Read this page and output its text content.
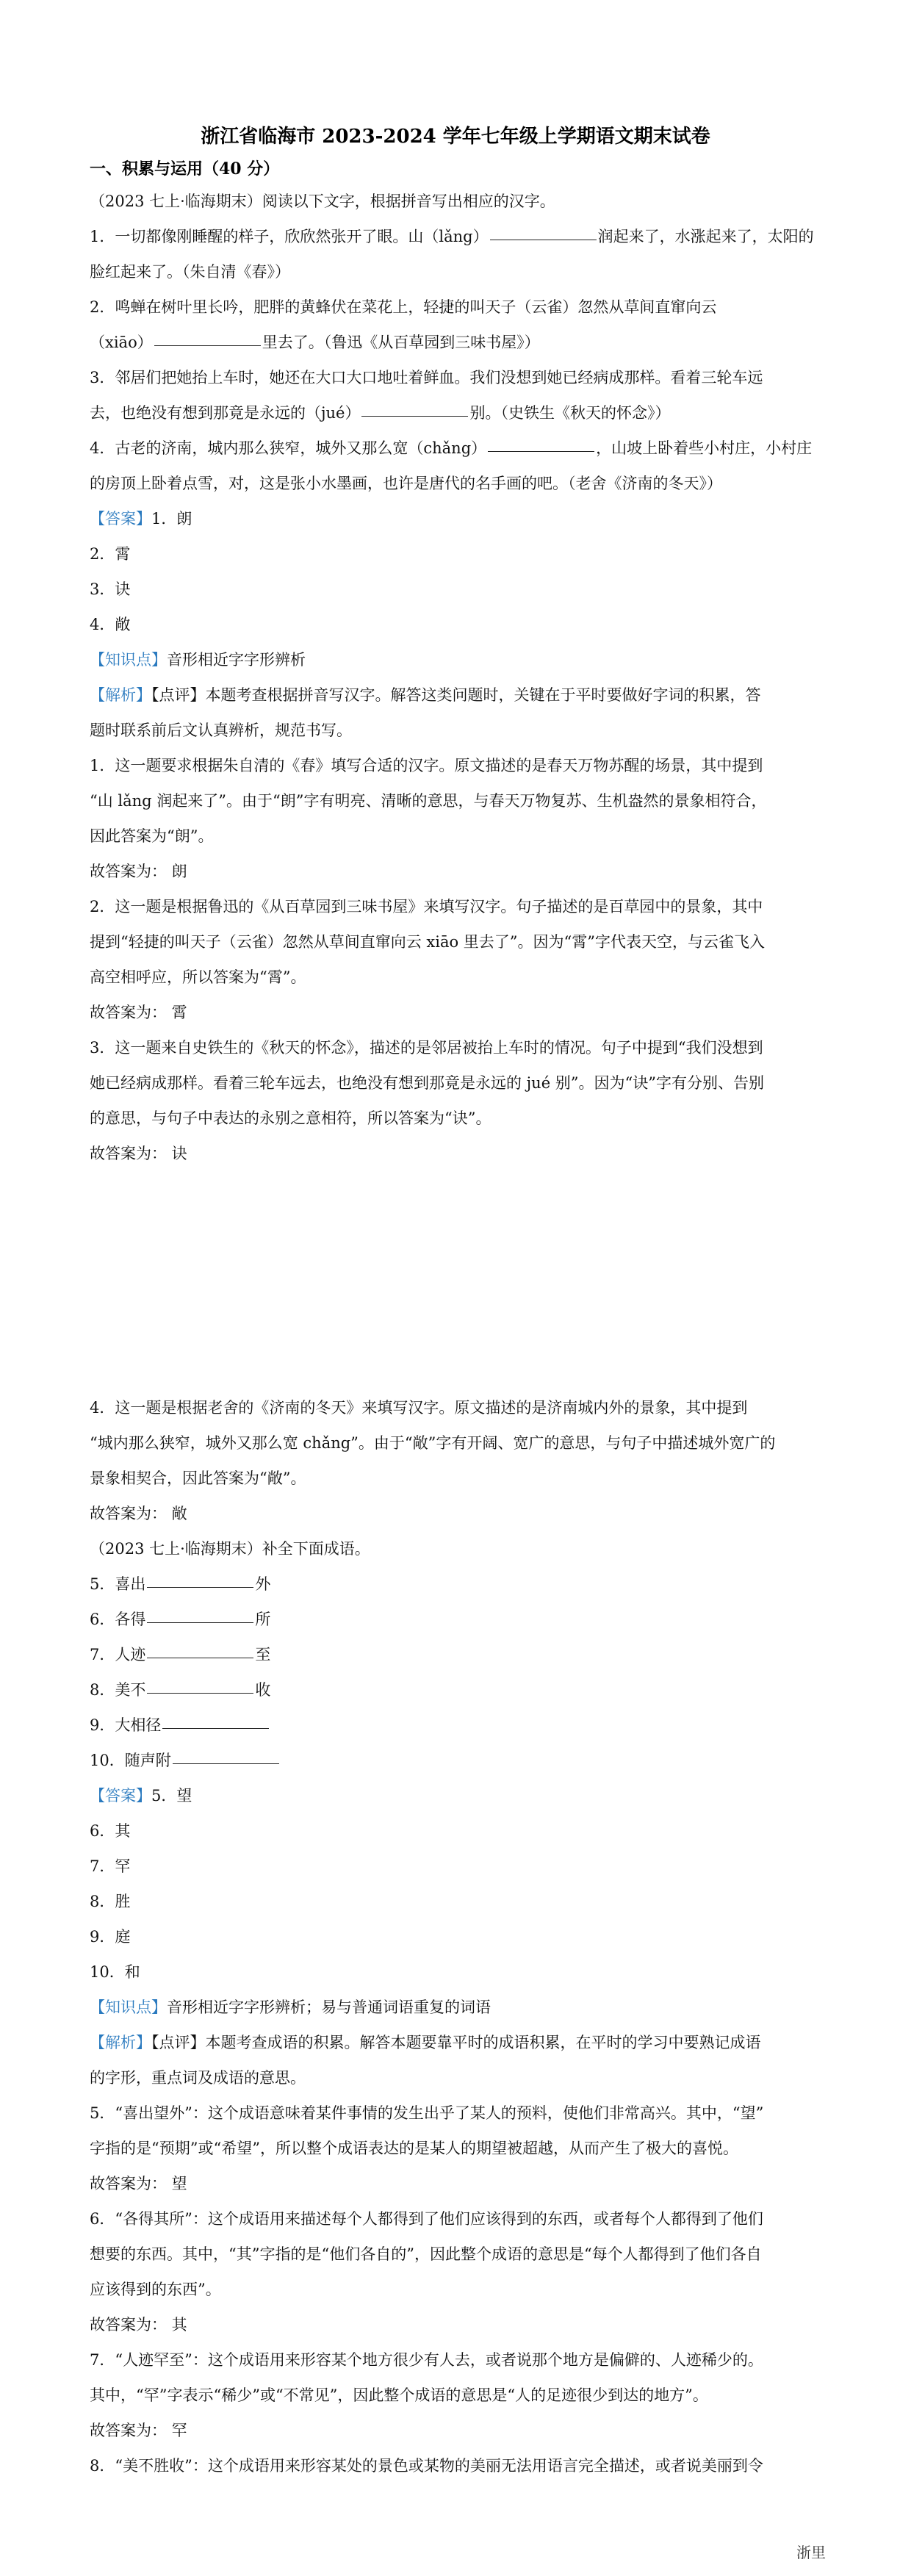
浙江省临海市 2023-2024 学年七年级上学期语文期末试卷
一、积累与运用（40 分）

（2023 七上·临海期末）阅读以下文字，根据拼音写出相应的汉字。

1．一切都像刚睡醒的样子，欣欣然张开了眼。山（lǎng）	润起来了，水涨起来了，太阳的

脸红起来了。（朱自清《春》）

2．鸣蝉在树叶里长吟，肥胖的黄蜂伏在菜花上，轻捷的叫天子（云雀）忽然从草间直窜向云

（xiāo）	里去了。（鲁迅《从百草园到三味书屋》）

3．邻居们把她抬上车时，她还在大口大口地吐着鲜血。我们没想到她已经病成那样。看着三轮车远

去，也绝没有想到那竟是永远的（jué）	别。（史铁生《秋天的怀念》）

4．古老的济南，城内那么狭窄，城外又那么宽（chǎng）	，山坡上卧着些小村庄，小村庄

的房顶上卧着点雪，对，这是张小水墨画，也许是唐代的名手画的吧。（老舍《济南的冬天》）

【答案】1．朗

2．霄

3．诀

4．敞

【知识点】音形相近字字形辨析

【解析】【点评】本题考查根据拼音写汉字。解答这类问题时，关键在于平时要做好字词的积累，答

题时联系前后文认真辨析，规范书写。

1．这一题要求根据朱自清的《春》填写合适的汉字。原文描述的是春天万物苏醒的场景，其中提到

“山 lǎng 润起来了”。由于“朗”字有明亮、清晰的意思，与春天万物复苏、生机盎然的景象相符合，

因此答案为“朗”。

故答案为： 朗

2．这一题是根据鲁迅的《从百草园到三味书屋》来填写汉字。句子描述的是百草园中的景象，其中

提到“轻捷的叫天子（云雀）忽然从草间直窜向云 xiāo 里去了”。因为“霄”字代表天空，与云雀飞入

高空相呼应，所以答案为“霄”。

故答案为： 霄

3．这一题来自史铁生的《秋天的怀念》，描述的是邻居被抬上车时的情况。句子中提到“我们没想到

她已经病成那样。看着三轮车远去，也绝没有想到那竟是永远的 jué 别”。因为“诀”字有分别、告别

的意思，与句子中表达的永别之意相符，所以答案为“诀”。

故答案为： 诀

4．这一题是根据老舍的《济南的冬天》来填写汉字。原文描述的是济南城内外的景象，其中提到

“城内那么狭窄，城外又那么宽 chǎng”。由于“敞”字有开阔、宽广的意思，与句子中描述城外宽广的

景象相契合，因此答案为“敞”。

故答案为： 敞

（2023 七上·临海期末）补全下面成语。

5．喜出	外

6．各得	所

7．人迹	至

8．美不	收

9．大相径

10．随声附

【答案】5．望

6．其

7．罕

8．胜

9．庭

10．和

【知识点】音形相近字字形辨析；易与普通词语重复的词语

【解析】【点评】本题考查成语的积累。解答本题要靠平时的成语积累，在平时的学习中要熟记成语

的字形，重点词及成语的意思。

5．“喜出望外”：这个成语意味着某件事情的发生出乎了某人的预料，使他们非常高兴。其中，“望”

字指的是“预期”或“希望”，所以整个成语表达的是某人的期望被超越，从而产生了极大的喜悦。

故答案为： 望

6．“各得其所”：这个成语用来描述每个人都得到了他们应该得到的东西，或者每个人都得到了他们

想要的东西。其中，“其”字指的是“他们各自的”，因此整个成语的意思是“每个人都得到了他们各自

应该得到的东西”。

故答案为： 其

7．“人迹罕至”：这个成语用来形容某个地方很少有人去，或者说那个地方是偏僻的、人迹稀少的。

其中，“罕”字表示“稀少”或“不常见”，因此整个成语的意思是“人的足迹很少到达的地方”。

故答案为： 罕

8．“美不胜收”：这个成语用来形容某处的景色或某物的美丽无法用语言完全描述，或者说美丽到令

浙里
